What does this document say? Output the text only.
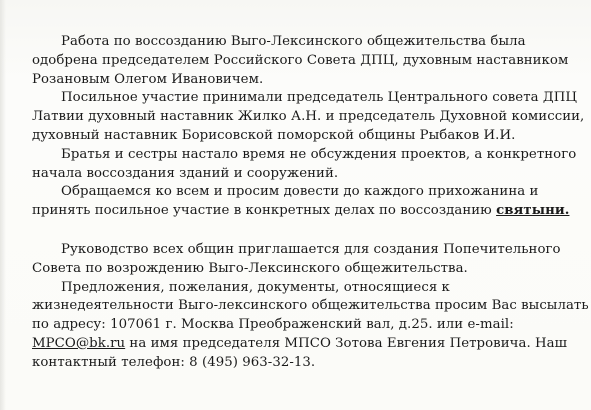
Работа по воссозданию Выго-Лексинского общежительства была
одобрена председателем Российского Совета ДПЦ, духовным наставником
Розановым Олегом Ивановичем.
Посильное участие принимали председатель Центрального совета ДПЦ
Латвии духовный наставник Жилко А.Н. и председатель Духовной комиссии,
духовный наставник Борисовской поморской общины Рыбаков И.И.
Братья и сестры настало время не обсуждения проектов, а конкретного
начала воссоздания зданий и сооружений.
Обращаемся ко всем и просим довести до каждого прихожанина и
принять посильное участие в конкретных делах по воссозданию святыни.
Руководство всех общин приглашается для создания Попечительного
Совета по возрождению Выго-Лексинского общежительства.
Предложения, пожелания, документы, относящиеся к
жизнедеятельности Выго-лексинского общежительства просим Вас высылать
по адресу: 107061 г. Москва Преображенский вал, д.25. или e-mail:
MPCO@bk.ru на имя председателя МПСО Зотова Евгения Петровича. Наш
контактный телефон: 8 (495) 963-32-13.
